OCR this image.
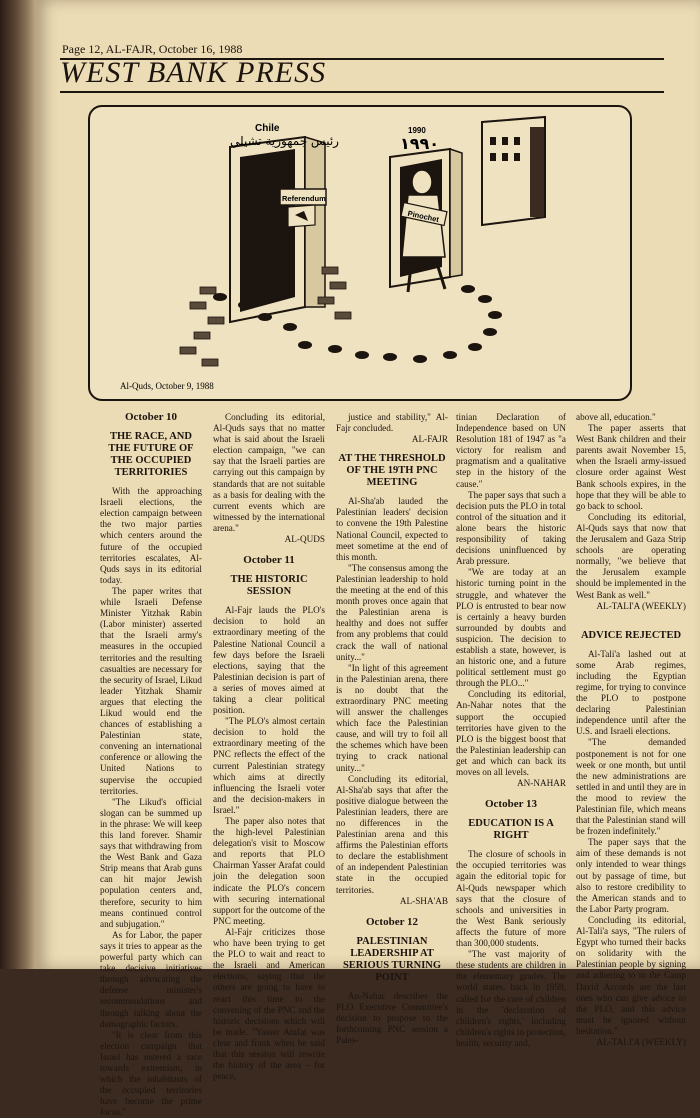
Page 12, AL-FAJR, October 16, 1988
WEST BANK PRESS
Chile
رئيس جمهورية تشيلي
Referendum
1990
١٩٩٠
Pinochet
Al-Quds, October 9, 1988
October 10
THE RACE, AND THE FUTURE OF THE OCCUPIED TERRITORIES

With the approaching Israeli elections, the election campaign between the two major parties which centers around the future of the occupied territories escalates, Al-Quds says in its editorial today.

The paper writes that while Israeli Defense Minister Yitzhak Rabin (Labor minister) asserted that the Israeli army's measures in the occupied territories and the resulting casualties are necessary for the security of Israel, Likud leader Yitzhak Shamir argues that electing the Likud would end the chances of establishing a Palestinian state, convening an international conference or allowing the United Nations to supervise the occupied territories.

"The Likud's official slogan can be summed up in the phrase: We will keep this land forever. Shamir says that withdrawing from the West Bank and Gaza Strip means that Arab guns can hit major Jewish population centers and, therefore, security to him means continued control and subjugation."

As for Labor, the paper says it tries to appear as the powerful party which can take decisive initiatives through advocating the defense minister's recommendations and through talking about the demographic factors.

"It is clear from this election campaign that Israel has entered a race towards extremism, in which the inhabitants of the occupied territories have become the prime focus."

Concluding its editorial, Al-Quds says that no matter what is said about the Israeli election campaign, "we can say that the Israeli parties are carrying out this campaign by standards that are not suitable as a basis for dealing with the current events which are witnessed by the international arena."

AL-QUDS
October 11
THE HISTORIC SESSION

Al-Fajr lauds the PLO's decision to hold an extraordinary meeting of the Palestine National Council a few days before the Israeli elections, saying that the Palestinian decision is part of a series of moves aimed at taking a clear political position.

"The PLO's almost certain decision to hold the extraordinary meeting of the PNC reflects the effect of the current Palestinian strategy which aims at directly influencing the Israeli voter and the decision-makers in Israel."

The paper also notes that the high-level Palestinian delegation's visit to Moscow and reports that PLO Chairman Yasser Arafat could join the delegation soon indicate the PLO's concern with securing international support for the outcome of the PNC meeting.

Al-Fajr criticizes those who have been trying to get the PLO to wait and react to the Israeli and American elections, saying that the others are going to have to react this time to the convening of the PNC and the historic decisions which will be made. "Yasser Arafat was clear and frank when he said that this session will rewrite the history of the area – for peace,

justice and stability," Al-Fajr concluded.

AL-FAJR
AT THE THRESHOLD OF THE 19TH PNC MEETING

Al-Sha'ab lauded the Palestinian leaders' decision to convene the 19th Palestine National Council, expected to meet sometime at the end of this month.

"The consensus among the Palestinian leadership to hold the meeting at the end of this month proves once again that the Palestinian arena is healthy and does not suffer from any problems that could crack the wall of national unity..."

"In light of this agreement in the Palestinian arena, there is no doubt that the extraordinary PNC meeting will answer the challenges which face the Palestinian cause, and will try to foil all the schemes which have been trying to crack national unity..."

Concluding its editorial, Al-Sha'ab says that after the positive dialogue between the Palestinian leaders, there are no differences in the Palestinian arena and this affirms the Palestinian efforts to declare the establishment of an independent Palestinian state in the occupied territories.

AL-SHA'AB
October 12
PALESTINIAN LEADERSHIP AT SERIOUS TURNING POINT

An-Nahar describes the PLO Executive Committee's decision to propose to the forthcoming PNC session a Pales-

tinian Declaration of Independence based on UN Resolution 181 of 1947 as "a victory for realism and pragmatism and a qualitative step in the history of the cause."

The paper says that such a decision puts the PLO in total control of the situation and it alone bears the historic responsibility of taking decisions uninfluenced by Arab pressure.

"We are today at an historic turning point in the struggle, and whatever the PLO is entrusted to bear now is certainly a heavy burden surrounded by doubts and suspicion. The decision to establish a state, however, is an historic one, and a future political settlement must go through the PLO..."

Concluding its editorial, An-Nahar notes that the support the occupied territories have given to the PLO is the biggest boost that the Palestinian leadership can get and which can back its moves on all levels.

AN-NAHAR
October 13
EDUCATION IS A RIGHT

The closure of schools in the occupied territories was again the editorial topic for Al-Quds newspaper which says that the closure of schools and universities in the West Bank seriously affects the future of more than 300,000 students.

"The vast majority of these students are children in the elementary grades. The world states, back in 1959, called for the care of children in the 'declaration of children's rights,' including children's rights to protection, health, security and,

above all, education."

The paper asserts that West Bank children and their parents await November 15, when the Israeli army-issued closure order against West Bank schools expires, in the hope that they will be able to go back to school.

Concluding its editorial, Al-Quds says that now that the Jerusalem and Gaza Strip schools are operating normally, "we believe that the Jerusalem example should be implemented in the West Bank as well."

AL-TALI'A (WEEKLY)
ADVICE REJECTED

Al-Tali'a lashed out at some Arab regimes, including the Egyptian regime, for trying to convince the PLO to postpone declaring Palestinian independence until after the U.S. and Israeli elections.

"The demanded postponement is not for one week or one month, but until the new administrations are settled in and until they are in the mood to review the Palestinian file, which means that the Palestinian stand will be frozen indefinitely."

The paper says that the aim of these demands is not only intended to wear things out by passage of time, but also to restore credibility to the American stands and to the Labor Party program.

Concluding its editorial, Al-Tali'a says, "The rulers of Egypt who turned their backs on solidarity with the Palestinian people by signing and adhering to to the Camp David Accords are the last ones who can give advice to the PLO, and this advice must be ignored without hesitation."

AL-TALI'A (WEEKLY)
